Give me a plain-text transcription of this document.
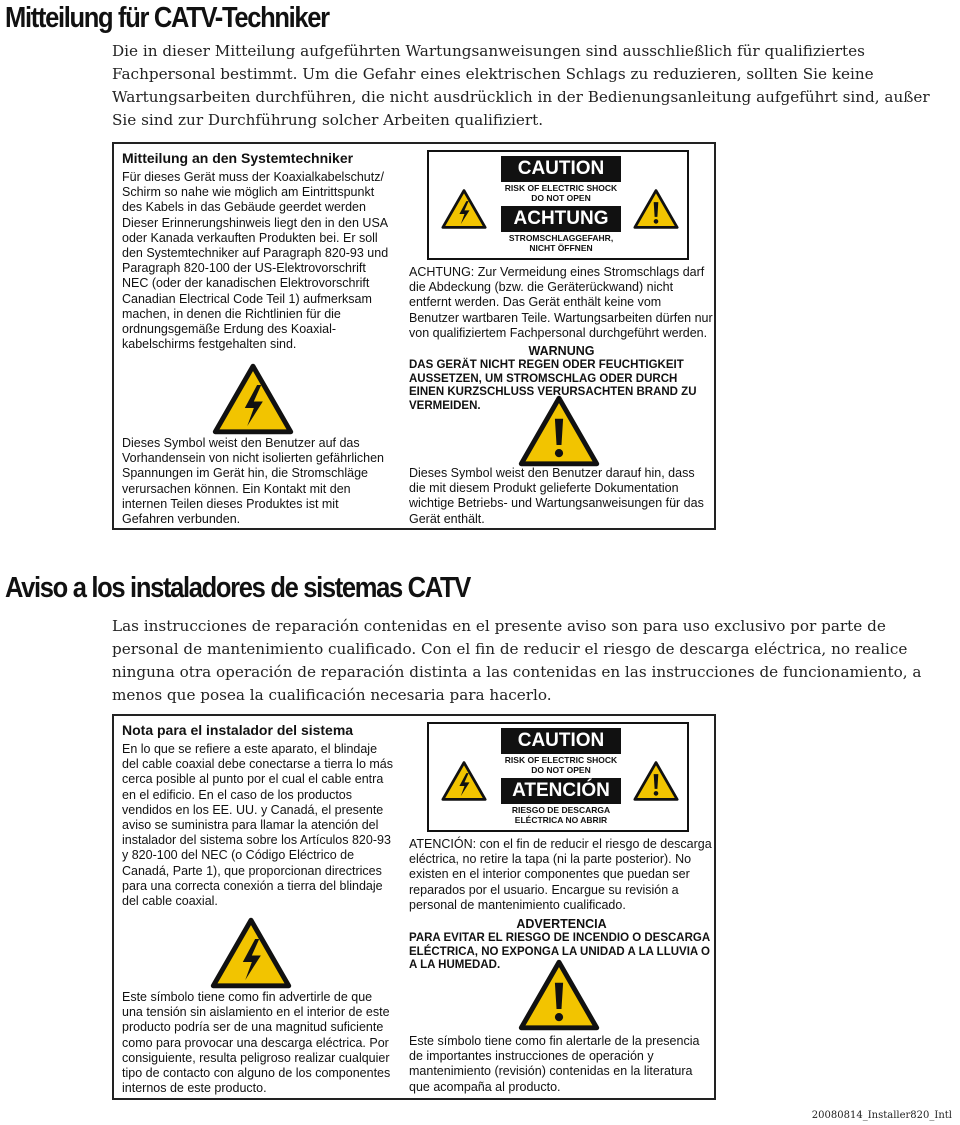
Mitteilung für CATV-Techniker

Die in dieser Mitteilung aufgeführten Wartungsanweisungen sind ausschließlich für qualifiziertes Fachpersonal bestimmt. Um die Gefahr eines elektrischen Schlags zu reduzieren, sollten Sie keine Wartungsarbeiten durchführen, die nicht ausdrücklich in der Bedienungsanleitung aufgeführt sind, außer Sie sind zur Durchführung solcher Arbeiten qualifiziert.

Mitteilung an den Systemtechniker

Für dieses Gerät muss der Koaxialkabelschutz/ Schirm so nahe wie möglich am Eintrittspunkt des Kabels in das Gebäude geerdet werden Dieser Erinnerungshinweis liegt den in den USA oder Kanada verkauften Produkten bei. Er soll den Systemtechniker auf Paragraph 820-93 und Paragraph 820-100 der US-Elektrovorschrift NEC (oder der kanadischen Elektrovorschrift Canadian Electrical Code Teil 1) aufmerksam machen, in denen die Richtlinien für die ordnungsgemäße Erdung des Koaxial-kabelschirms festgehalten sind.

CAUTION
RISK OF ELECTRIC SHOCK DO NOT OPEN
ACHTUNG
STROMSCHLAGGEFAHR, NICHT ÖFFNEN

ACHTUNG: Zur Vermeidung eines Stromschlags darf die Abdeckung (bzw. die Geräterückwand) nicht entfernt werden. Das Gerät enthält keine vom Benutzer wartbaren Teile. Wartungsarbeiten dürfen nur von qualifiziertem Fachpersonal durchgeführt werden.

WARNUNG

DAS GERÄT NICHT REGEN ODER FEUCHTIGKEIT AUSSETZEN, UM STROMSCHLAG ODER DURCH EINEN KURZSCHLUSS VERURSACHTEN BRAND ZU VERMEIDEN.

Dieses Symbol weist den Benutzer auf das Vorhandensein von nicht isolierten gefährlichen Spannungen im Gerät hin, die Stromschläge verursachen können. Ein Kontakt mit den internen Teilen dieses Produktes ist mit Gefahren verbunden.

Dieses Symbol weist den Benutzer darauf hin, dass die mit diesem Produkt gelieferte Dokumentation wichtige Betriebs- und Wartungsanweisungen für das Gerät enthält.

Aviso a los instaladores de sistemas CATV

Las instrucciones de reparación contenidas en el presente aviso son para uso exclusivo por parte de personal de mantenimiento cualificado. Con el fin de reducir el riesgo de descarga eléctrica, no realice ninguna otra operación de reparación distinta a las contenidas en las instrucciones de funcionamiento, a menos que posea la cualificación necesaria para hacerlo.

Nota para el instalador del sistema

En lo que se refiere a este aparato, el blindaje del cable coaxial debe conectarse a tierra lo más cerca posible al punto por el cual el cable entra en el edificio. En el caso de los productos vendidos en los EE. UU. y Canadá, el presente aviso se suministra para llamar la atención del instalador del sistema sobre los Artículos 820-93 y 820-100 del NEC (o Código Eléctrico de Canadá, Parte 1), que proporcionan directrices para una correcta conexión a tierra del blindaje del cable coaxial.

CAUTION
RISK OF ELECTRIC SHOCK DO NOT OPEN
ATENCIÓN
RIESGO DE DESCARGA ELÉCTRICA NO ABRIR

ATENCIÓN: con el fin de reducir el riesgo de descarga eléctrica, no retire la tapa (ni la parte posterior). No existen en el interior componentes que puedan ser reparados por el usuario. Encargue su revisión a personal de mantenimiento cualificado.

ADVERTENCIA

PARA EVITAR EL RIESGO DE INCENDIO O DESCARGA ELÉCTRICA, NO EXPONGA LA UNIDAD A LA LLUVIA O A LA HUMEDAD.

Este símbolo tiene como fin advertirle de que una tensión sin aislamiento en el interior de este producto podría ser de una magnitud suficiente como para provocar una descarga eléctrica. Por consiguiente, resulta peligroso realizar cualquier tipo de contacto con alguno de los componentes internos de este producto.

Este símbolo tiene como fin alertarle de la presencia de importantes instrucciones de operación y mantenimiento (revisión) contenidas en la literatura que acompaña al producto.

20080814_Installer820_Intl
